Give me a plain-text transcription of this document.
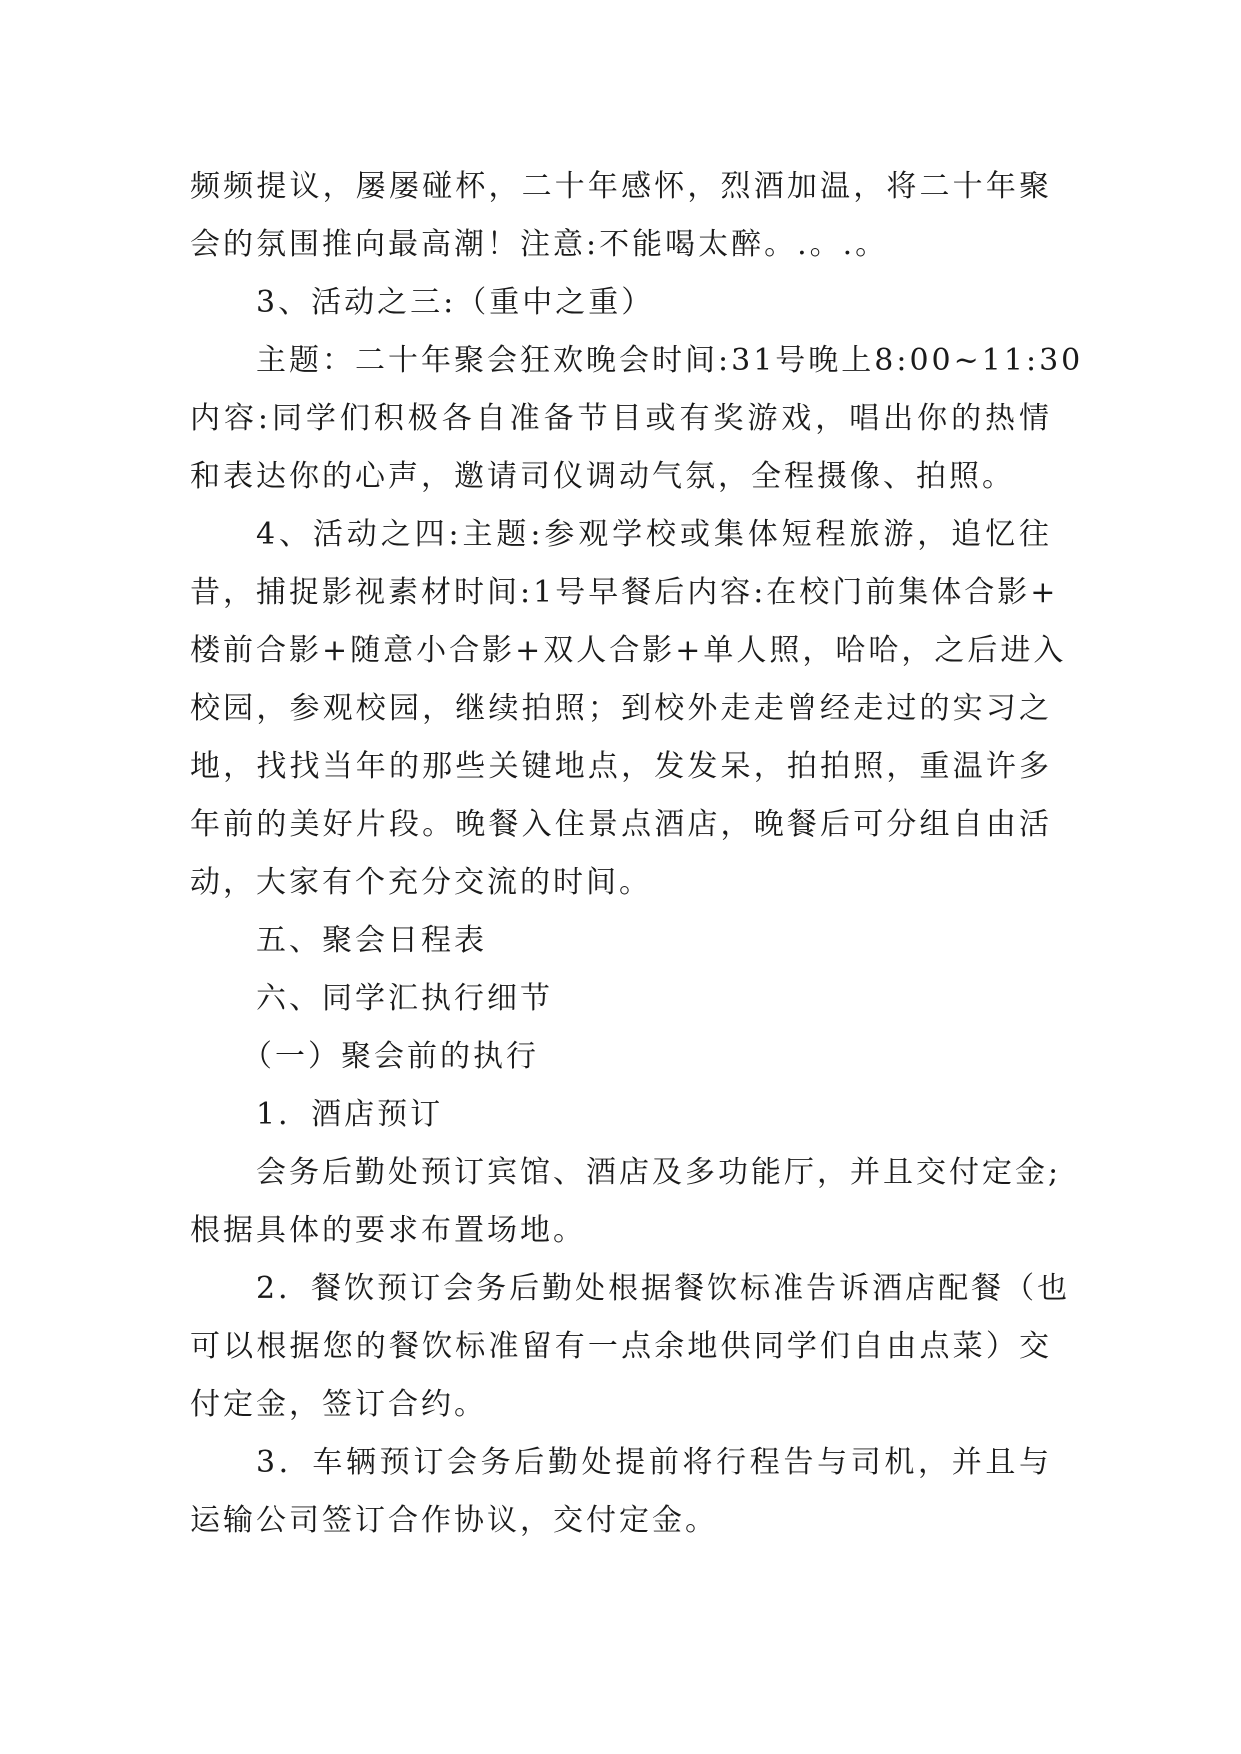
频频提议，屡屡碰杯，二十年感怀，烈酒加温，将二十年聚
会的氛围推向最高潮！注意:不能喝太醉。.。.。
3、活动之三:（重中之重）
主题：二十年聚会狂欢晚会时间:31号晚上8:00~11:30
内容:同学们积极各自准备节目或有奖游戏，唱出你的热情
和表达你的心声，邀请司仪调动气氛，全程摄像、拍照。
4、活动之四:主题:参观学校或集体短程旅游，追忆往
昔，捕捉影视素材时间:1号早餐后内容:在校门前集体合影+
楼前合影+随意小合影+双人合影+单人照，哈哈，之后进入
校园，参观校园，继续拍照；到校外走走曾经走过的实习之
地，找找当年的那些关键地点，发发呆，拍拍照，重温许多
年前的美好片段。晚餐入住景点酒店，晚餐后可分组自由活
动，大家有个充分交流的时间。
五、聚会日程表
六、同学汇执行细节
（一）聚会前的执行
1．酒店预订
会务后勤处预订宾馆、酒店及多功能厅，并且交付定金;
根据具体的要求布置场地。
2．餐饮预订会务后勤处根据餐饮标准告诉酒店配餐（也
可以根据您的餐饮标准留有一点余地供同学们自由点菜）交
付定金，签订合约。
3．车辆预订会务后勤处提前将行程告与司机，并且与
运输公司签订合作协议，交付定金。
